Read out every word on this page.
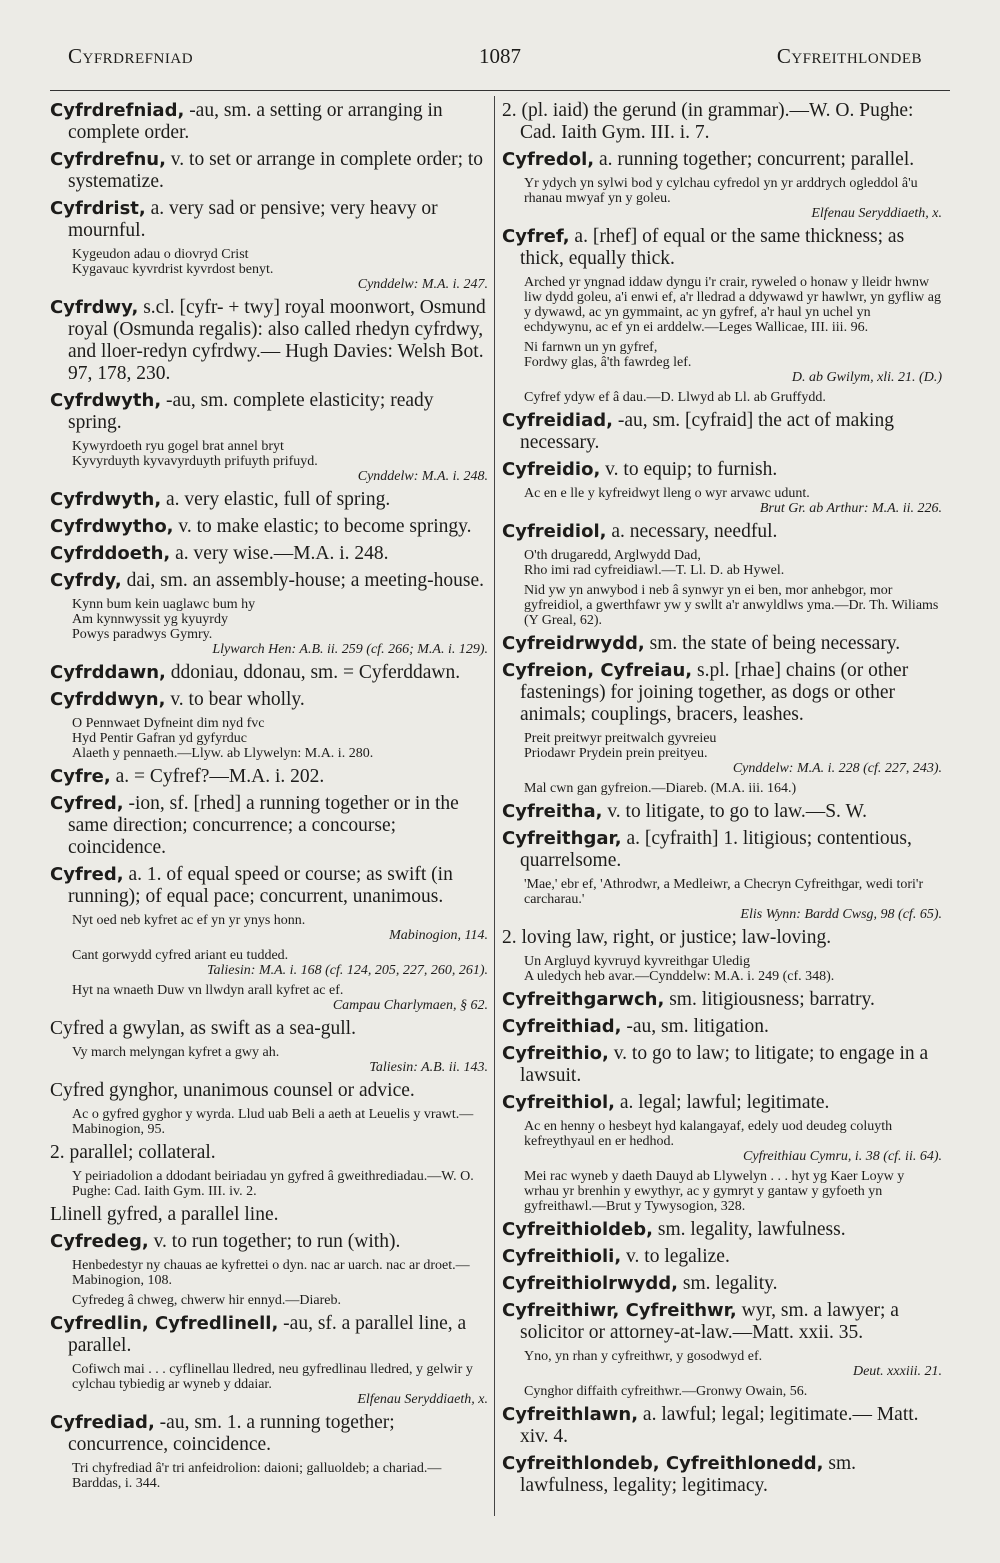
Cyfrdrefniad	1087	Cyfreithlondeb
Cyfrdrefniad, -au, sm. a setting or arranging in complete order.
Cyfrdrefnu, v. to set or arrange in complete order; to systematize.
Cyfrdrist, a. very sad or pensive; very heavy or mournful.
Kygeudon adau o diovryd Crist
Kygavauc kyvrdrist kyvrdost benyt.
Cynddelw: M.A. i. 247.
Cyfrdwy, s.cl. [cyfr- + twy] royal moonwort, Osmund royal (Osmunda regalis): also called rhedyn cyfrdwy, and lloer-redyn cyfrdwy.— Hugh Davies: Welsh Bot. 97, 178, 230.
Cyfrdwyth, -au, sm. complete elasticity; ready spring.
Kywyrdoeth ryu gogel brat annel bryt
Kyvyrduyth kyvavyrduyth prifuyth prifuyd.
Cynddelw: M.A. i. 248.
Cyfrdwyth, a. very elastic, full of spring.
Cyfrdwytho, v. to make elastic; to become springy.
Cyfrddoeth, a. very wise.—M.A. i. 248.
Cyfrdy, dai, sm. an assembly-house; a meeting-house.
Kynn bum kein uaglawc bum hy
Am kynnwyssit yg kyuyrdy
Powys paradwys Gymry.
Llywarch Hen: A.B. ii. 259 (cf. 266; M.A. i. 129).
Cyfrddawn, ddoniau, ddonau, sm. = Cyferddawn.
Cyfrddwyn, v. to bear wholly.
O Pennwaet Dyfneint dim nyd fvc
Hyd Pentir Gafran yd gyfyrduc
Alaeth y pennaeth.—Llyw. ab Llywelyn: M.A. i. 280.
Cyfre, a. = Cyfref?—M.A. i. 202.
Cyfred, -ion, sf. [rhed] a running together or in the same direction; concurrence; a concourse; coincidence.
Cyfred, a. 1. of equal speed or course; as swift (in running); of equal pace; concurrent, unanimous.
Nyt oed neb kyfret ac ef yn yr ynys honn.
Mabinogion, 114.
Cant gorwydd cyfred ariant eu tudded.
Taliesin: M.A. i. 168 (cf. 124, 205, 227, 260, 261).
Hyt na wnaeth Duw vn llwdyn arall kyfret ac ef.
Campau Charlymaen, § 62.
Cyfred a gwylan, as swift as a sea-gull.
Vy march melyngan kyfret a gwy ah.
Taliesin: A.B. ii. 143.
Cyfred gynghor, unanimous counsel or advice.
Ac o gyfred gyghor y wyrda. Llud uab Beli a aeth at Leuelis y vrawt.—Mabinogion, 95.
2. parallel; collateral.
Y peiriadolion a ddodant beiriadau yn gyfred â gweithrediadau.—W. O. Pughe: Cad. Iaith Gym. III. iv. 2.
Llinell gyfred, a parallel line.
Cyfredeg, v. to run together; to run (with).
Henbedestyr ny chauas ae kyfrettei o dyn. nac ar uarch. nac ar droet.—Mabinogion, 108.
Cyfredeg â chweg, chwerw hir ennyd.—Diareb.
Cyfredlin, Cyfredlinell, -au, sf. a parallel line, a parallel.
Cofiwch mai . . . cyflinellau lledred, neu gyfredlinau lledred, y gelwir y cylchau tybiedig ar wyneb y ddaiar.
Elfenau Seryddiaeth, x.
Cyfrediad, -au, sm. 1. a running together; concurrence, coincidence.
Tri chyfrediad â'r tri anfeidrolion: daioni; galluoldeb; a chariad.—Barddas, i. 344.
2. (pl. iaid) the gerund (in grammar).—W. O. Pughe: Cad. Iaith Gym. III. i. 7.
Cyfredol, a. running together; concurrent; parallel.
Yr ydych yn sylwi bod y cylchau cyfredol yn yr arddrych ogleddol â'u rhanau mwyaf yn y goleu.
Elfenau Seryddiaeth, x.
Cyfref, a. [rhef] of equal or the same thickness; as thick, equally thick.
Arched yr yngnad iddaw dyngu i'r crair, ryweled o honaw y lleidr hwnw liw dydd goleu, a'i enwi ef, a'r lledrad a ddywawd yr hawlwr, yn gyfliw ag y dywawd, ac yn gymmaint, ac yn gyfref, a'r haul yn uchel yn echdywynu, ac ef yn ei arddelw.—Leges Wallicae, III. iii. 96.
Ni farnwn un yn gyfref,
Fordwy glas, â'th fawrdeg lef.
D. ab Gwilym, xli. 21. (D.)
Cyfref ydyw ef â dau.—D. Llwyd ab Ll. ab Gruffydd.
Cyfreidiad, -au, sm. [cyfraid] the act of making necessary.
Cyfreidio, v. to equip; to furnish.
Ac en e lle y kyfreidwyt lleng o wyr arvawc udunt.
Brut Gr. ab Arthur: M.A. ii. 226.
Cyfreidiol, a. necessary, needful.
O'th drugaredd, Arglwydd Dad,
Rho imi rad cyfreidiawl.—T. Ll. D. ab Hywel.
Nid yw yn anwybod i neb â synwyr yn ei ben, mor anhebgor, mor gyfreidiol, a gwerthfawr yw y swllt a'r anwyldlws yma.—Dr. Th. Wiliams (Y Greal, 62).
Cyfreidrwydd, sm. the state of being necessary.
Cyfreion, Cyfreiau, s.pl. [rhae] chains (or other fastenings) for joining together, as dogs or other animals; couplings, bracers, leashes.
Preit preitwyr preitwalch gyvreieu
Priodawr Prydein prein preityeu.
Cynddelw: M.A. i. 228 (cf. 227, 243).
Mal cwn gan gyfreion.—Diareb. (M.A. iii. 164.)
Cyfreitha, v. to litigate, to go to law.—S. W.
Cyfreithgar, a. [cyfraith] 1. litigious; contentious, quarrelsome.
'Mae,' ebr ef, 'Athrodwr, a Medleiwr, a Checryn Cyfreithgar, wedi tori'r carcharau.'
Elis Wynn: Bardd Cwsg, 98 (cf. 65).
2. loving law, right, or justice; law-loving.
Un Argluyd kyvruyd kyvreithgar Uledig
A uledych heb avar.—Cynddelw: M.A. i. 249 (cf. 348).
Cyfreithgarwch, sm. litigiousness; barratry.
Cyfreithiad, -au, sm. litigation.
Cyfreithio, v. to go to law; to litigate; to engage in a lawsuit.
Cyfreithiol, a. legal; lawful; legitimate.
Ac en henny o hesbeyt hyd kalangayaf, edely uod deudeg coluyth kefreythyaul en er hedhod.
Cyfreithiau Cymru, i. 38 (cf. ii. 64).
Mei rac wyneb y daeth Dauyd ab Llywelyn . . . hyt yg Kaer Loyw y wrhau yr brenhin y ewythyr, ac y gymryt y gantaw y gyfoeth yn gyfreithawl.—Brut y Tywysogion, 328.
Cyfreithioldeb, sm. legality, lawfulness.
Cyfreithioli, v. to legalize.
Cyfreithiolrwydd, sm. legality.
Cyfreithiwr, Cyfreithwr, wyr, sm. a lawyer; a solicitor or attorney-at-law.—Matt. xxii. 35.
Yno, yn rhan y cyfreithwr, y gosodwyd ef.
Deut. xxxiii. 21.
Cynghor diffaith cyfreithwr.—Gronwy Owain, 56.
Cyfreithlawn, a. lawful; legal; legitimate.— Matt. xiv. 4.
Cyfreithlondeb, Cyfreithlonedd, sm. lawfulness, legality; legitimacy.
